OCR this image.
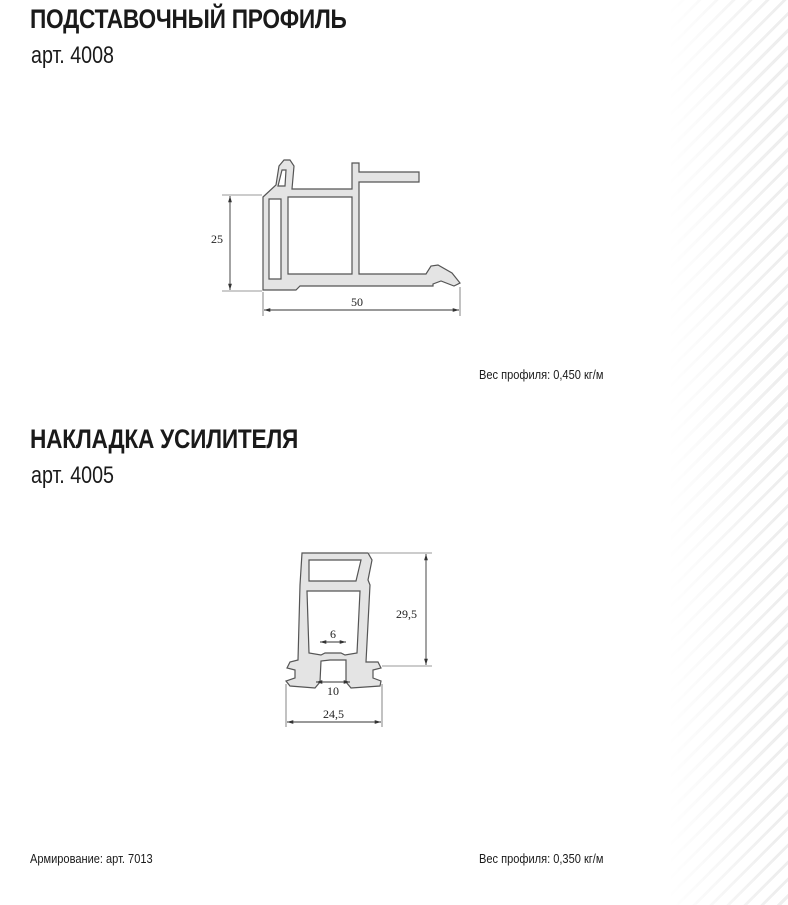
ПОДСТАВОЧНЫЙ ПРОФИЛЬ

арт. 4008

25
50
29,5
6
10
24,5
Вес профиля: 0,450 кг/м
НАКЛАДКА УСИЛИТЕЛЯ

арт. 4005

Армирование: арт. 7013	Вес профиля: 0,350 кг/м
